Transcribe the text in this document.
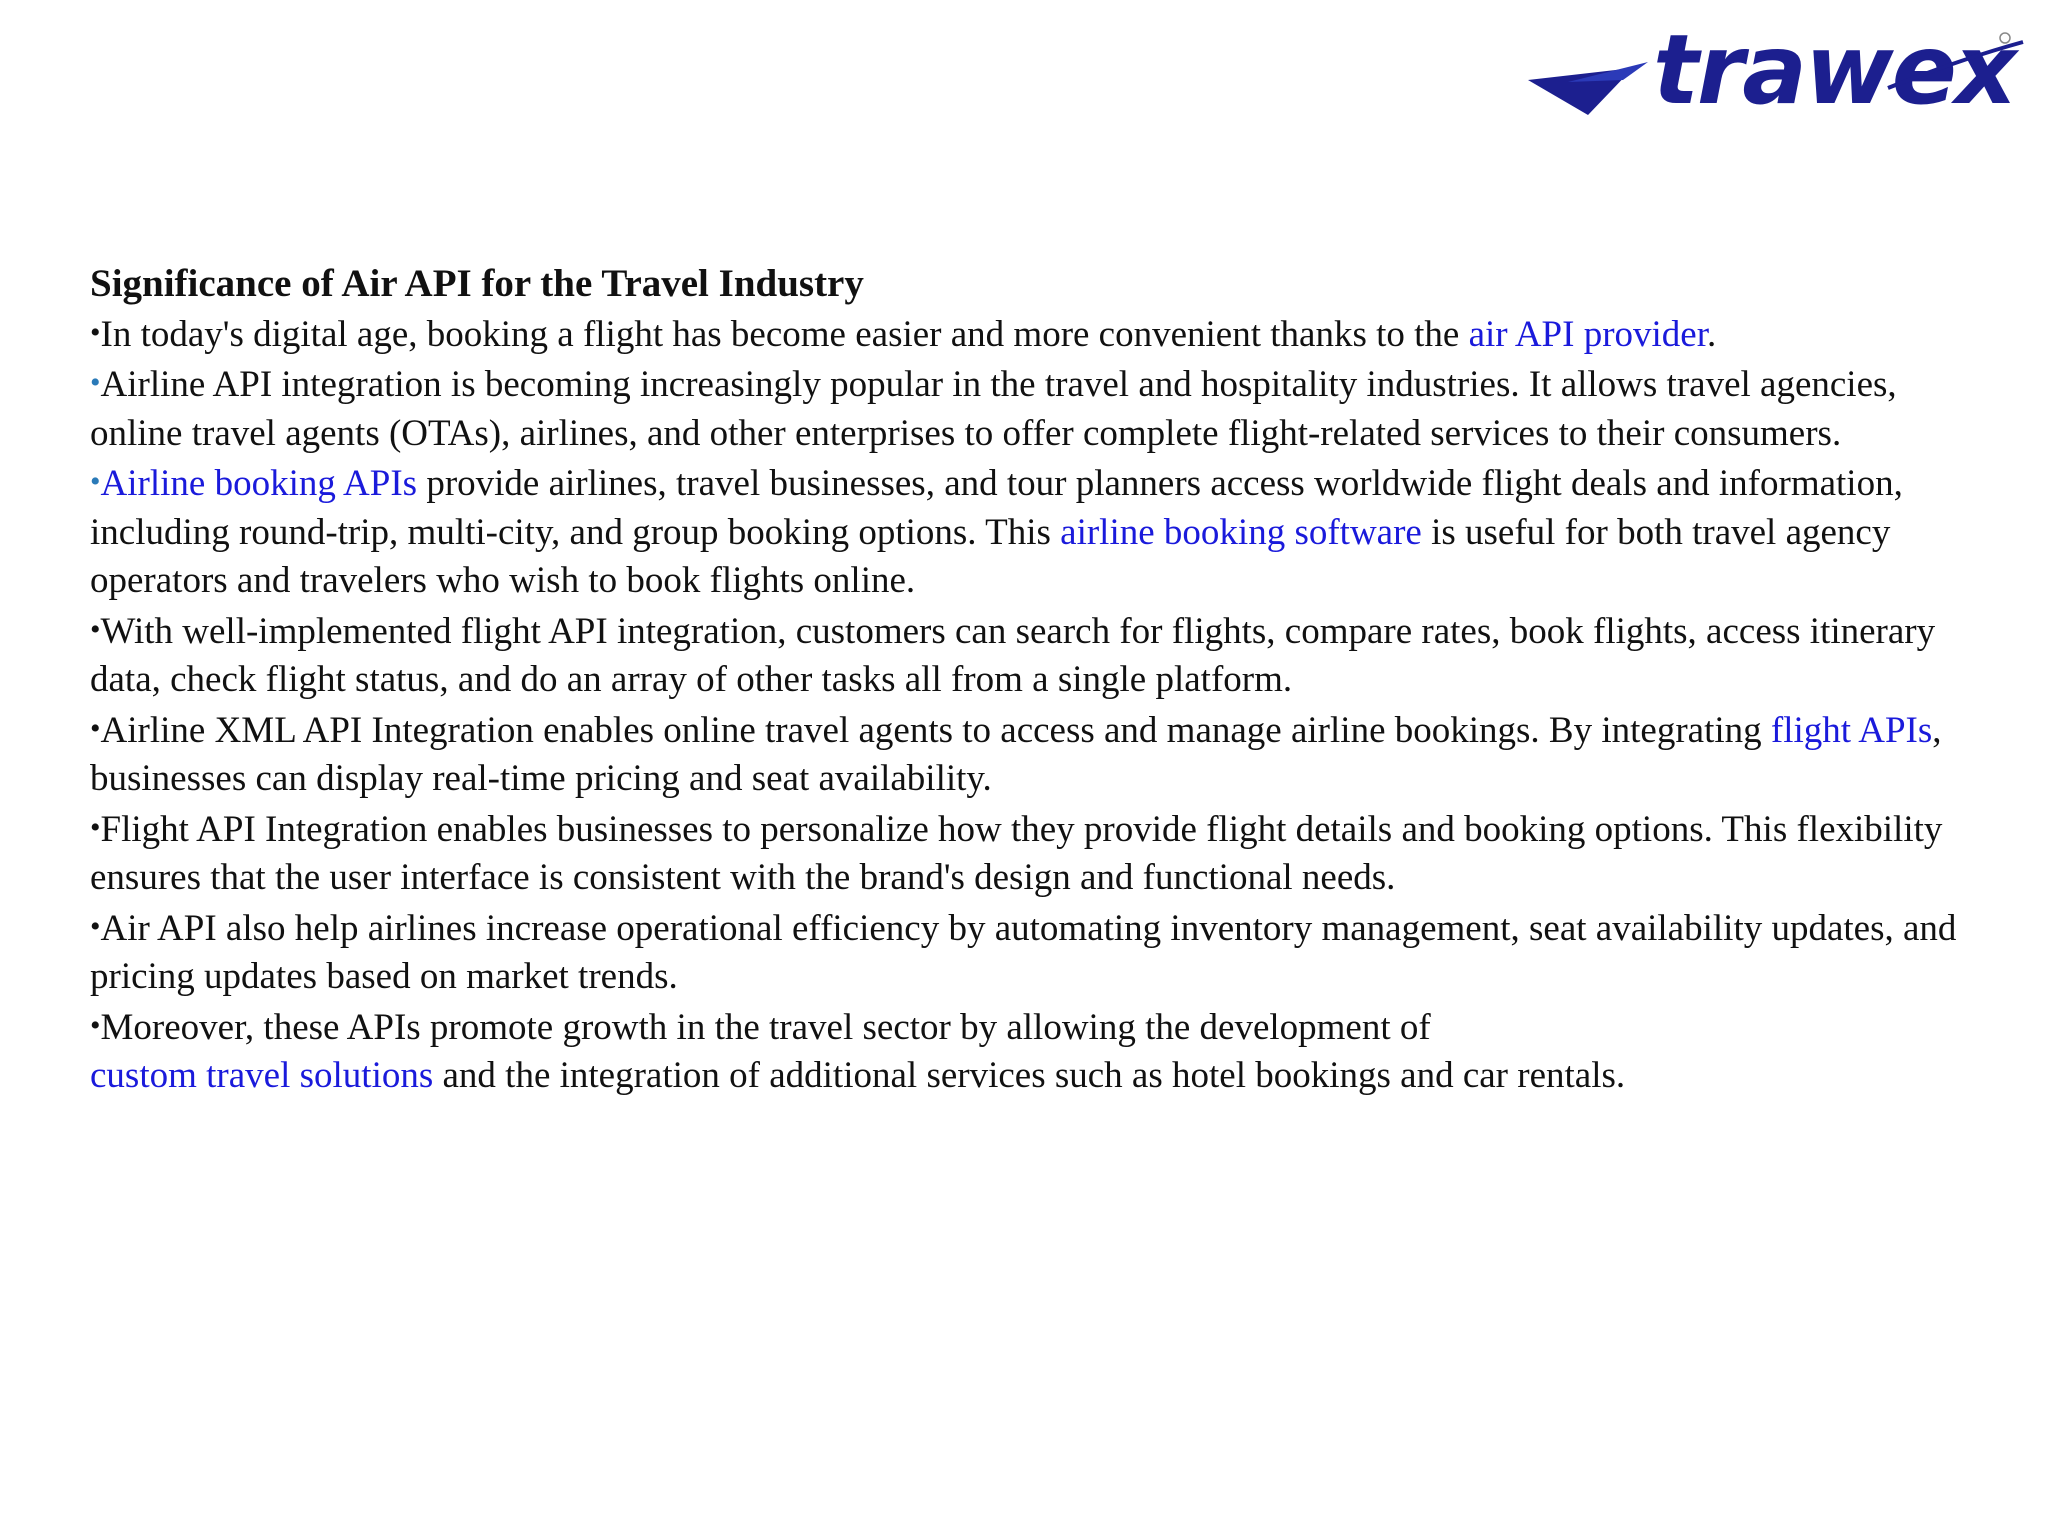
trawex

Significance of Air API for the Travel Industry

•In today's digital age, booking a flight has become easier and more convenient thanks to the air API provider.

•Airline API integration is becoming increasingly popular in the travel and hospitality industries. It allows travel agencies, online travel agents (OTAs), airlines, and other enterprises to offer complete flight-related services to their consumers.

•Airline booking APIs provide airlines, travel businesses, and tour planners access worldwide flight deals and information, including round-trip, multi-city, and group booking options. This airline booking software is useful for both travel agency operators and travelers who wish to book flights online.

•With well-implemented flight API integration, customers can search for flights, compare rates, book flights, access itinerary data, check flight status, and do an array of other tasks all from a single platform.

•Airline XML API Integration enables online travel agents to access and manage airline bookings. By integrating flight APIs, businesses can display real-time pricing and seat availability.

•Flight API Integration enables businesses to personalize how they provide flight details and booking options. This flexibility ensures that the user interface is consistent with the brand's design and functional needs.

•Air API also help airlines increase operational efficiency by automating inventory management, seat availability updates, and pricing updates based on market trends.

•Moreover, these APIs promote growth in the travel sector by allowing the development of
custom travel solutions and the integration of additional services such as hotel bookings and car rentals.
